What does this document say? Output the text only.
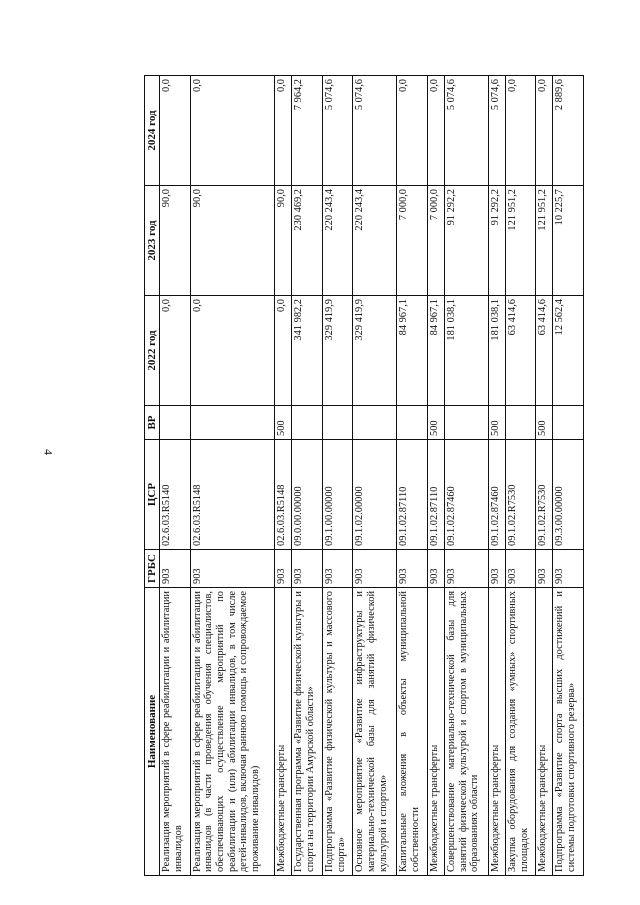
4
Наименование	ГРБС	ЦСР	ВР	2022 год	2023 год	2024 год
Реализация мероприятий в сфере реабилитации и абилитации инвалидов	903	02.6.03.R5140		0,0	90,0	0,0
Реализация мероприятий в сфере реабилитации и абилитации инвалидов (в части проведения обучения специалистов, обеспечивающих осуществление мероприятий по реабилитации и (или) абилитации инвалидов, в том числе детей-инвалидов, включая раннюю помощь и сопровождаемое проживание инвалидов)	903	02.6.03.R5148		0,0	90,0	0,0
Межбюджетные трансферты	903	02.6.03.R5148	500	0,0	90,0	0,0
Государственная программа «Развитие физической культуры и спорта на территории Амурской области»	903	09.0.00.00000		341 982,2	230 469,2	7 964,2
Подпрограмма «Развитие физической культуры и массового спорта»	903	09.1.00.00000		329 419,9	220 243,4	5 074,6
Основное мероприятие «Развитие инфраструктуры и материально-технической базы для занятий физической культурой и спортом»	903	09.1.02.00000		329 419,9	220 243,4	5 074,6
Капитальные вложения в объекты муниципальной собственности	903	09.1.02.87110		84 967,1	7 000,0	0,0
Межбюджетные трансферты	903	09.1.02.87110	500	84 967,1	7 000,0	0,0
Совершенствование материально-технической базы для занятий физической культурой и спортом в муниципальных образованиях области	903	09.1.02.87460		181 038,1	91 292,2	5 074,6
Межбюджетные трансферты	903	09.1.02.87460	500	181 038,1	91 292,2	5 074,6
Закупка оборудования для создания «умных» спортивных площадок	903	09.1.02.R7530		63 414,6	121 951,2	0,0
Межбюджетные трансферты	903	09.1.02.R7530	500	63 414,6	121 951,2	0,0
Подпрограмма «Развитие спорта высших достижений и системы подготовки спортивного резерва»	903	09.3.00.00000		12 562,4	10 225,7	2 889,6
